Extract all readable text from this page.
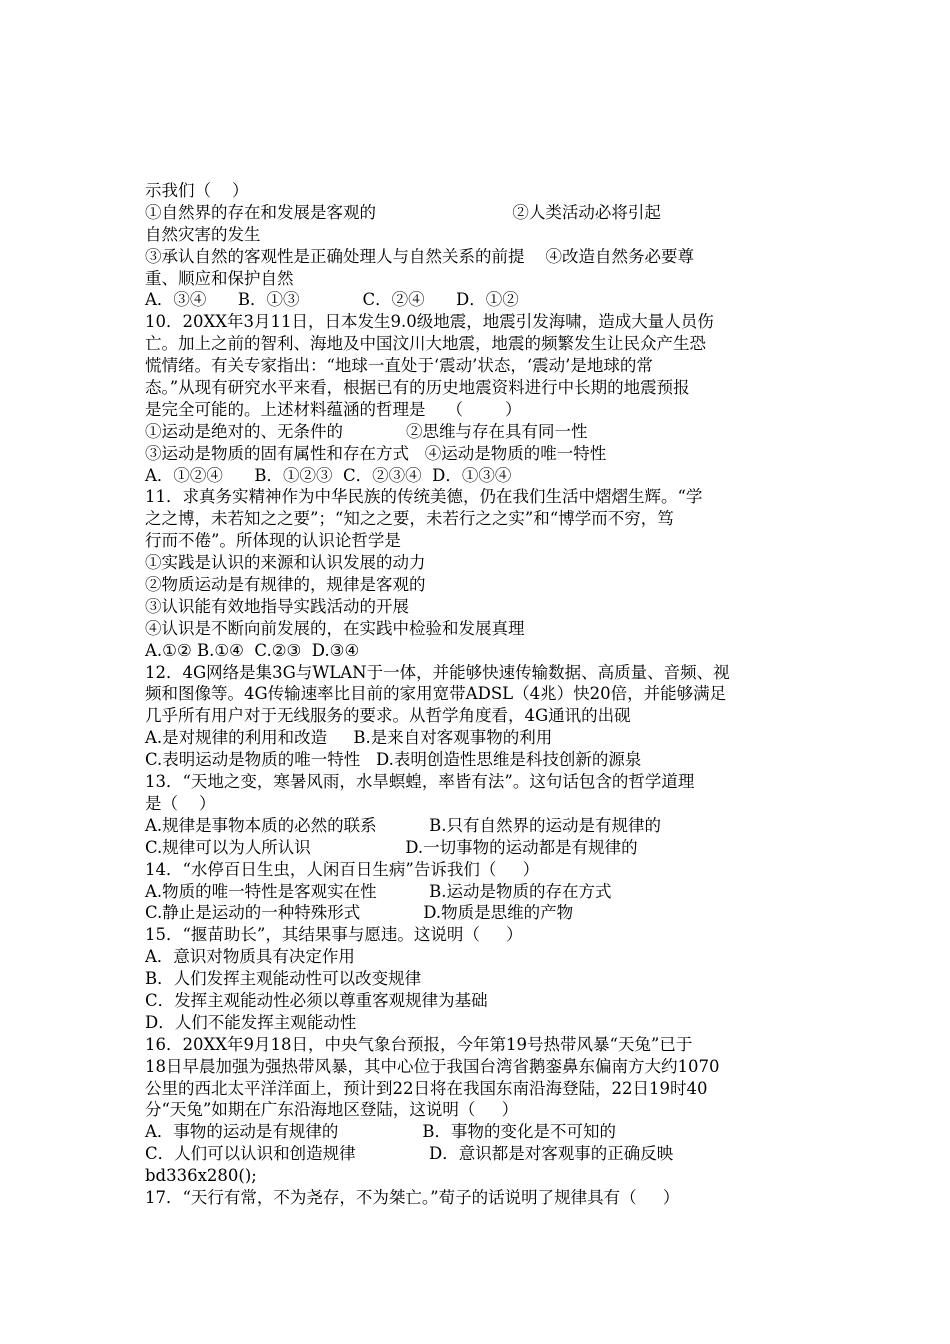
示我们（    ）
①自然界的存在和发展是客观的                          ②人类活动必将引起
自然灾害的发生
③承认自然的客观性是正确处理人与自然关系的前提    ④改造自然务必要尊
重、顺应和保护自然
A．③④      B．①③            C．②④      D．①②
10．20XX年3月11日，日本发生9.0级地震，地震引发海啸，造成大量人员伤
亡。加上之前的智利、海地及中国汶川大地震，地震的频繁发生让民众产生恐
慌情绪。有关专家指出：“地球一直处于‘震动’状态，‘震动’是地球的常
态。”从现有研究水平来看，根据已有的历史地震资料进行中长期的地震预报
是完全可能的。上述材料蕴涵的哲理是    （        ）
①运动是绝对的、无条件的            ②思维与存在具有同一性
③运动是物质的固有属性和存在方式   ④运动是物质的唯一特性
A．①②④      B．①②③  C．②③④  D．①③④
11．求真务实精神作为中华民族的传统美德，仍在我们生活中熠熠生辉。“学
之之博，未若知之之要”；“知之之要，未若行之之实”和“博学而不穷，笃
行而不倦”。所体现的认识论哲学是
①实践是认识的来源和认识发展的动力
②物质运动是有规律的，规律是客观的
③认识能有效地指导实践活动的开展
④认识是不断向前发展的，在实践中检验和发展真理
A.①② B.①④  C.②③  D.③④
12．4G网络是集3G与WLAN于一体，并能够快速传输数据、高质量、音频、视
频和图像等。4G传输速率比目前的家用宽带ADSL（4兆）快20倍，并能够满足
几乎所有用户对于无线服务的要求。从哲学角度看，4G通讯的出砚
A.是对规律的利用和改造     B.是来自对客观事物的利用
C.表明运动是物质的唯一特性   D.表明创造性思维是科技创新的源泉
13．“天地之变，寒暑风雨，水旱螟蝗，率皆有法”。这句话包含的哲学道理
是（    ）
A.规律是事物本质的必然的联系          B.只有自然界的运动是有规律的
C.规律可以为人所认识                  D.一切事物的运动都是有规律的
14．“水停百日生虫，人闲百日生病”告诉我们（     ）
A.物质的唯一特性是客观实在性          B.运动是物质的存在方式
C.静止是运动的一种特殊形式            D.物质是思维的产物
15．“揠苗助长”，其结果事与愿违。这说明（     ）
A．意识对物质具有决定作用
B．人们发挥主观能动性可以改变规律
C．发挥主观能动性必须以尊重客观规律为基础
D．人们不能发挥主观能动性
16．20XX年9月18日，中央气象台预报，今年第19号热带风暴“天兔”已于
18日早晨加强为强热带风暴，其中心位于我国台湾省鹅銮鼻东偏南方大约1070
公里的西北太平洋洋面上，预计到22日将在我国东南沿海登陆，22日19时40
分“天兔”如期在广东沿海地区登陆，这说明（     ）
A．事物的运动是有规律的                B．事物的变化是不可知的
C．人们可以认识和创造规律              D．意识都是对客观事的正确反映
bd336x280();
17．“天行有常，不为尧存，不为桀亡。”荀子的话说明了规律具有（     ）
